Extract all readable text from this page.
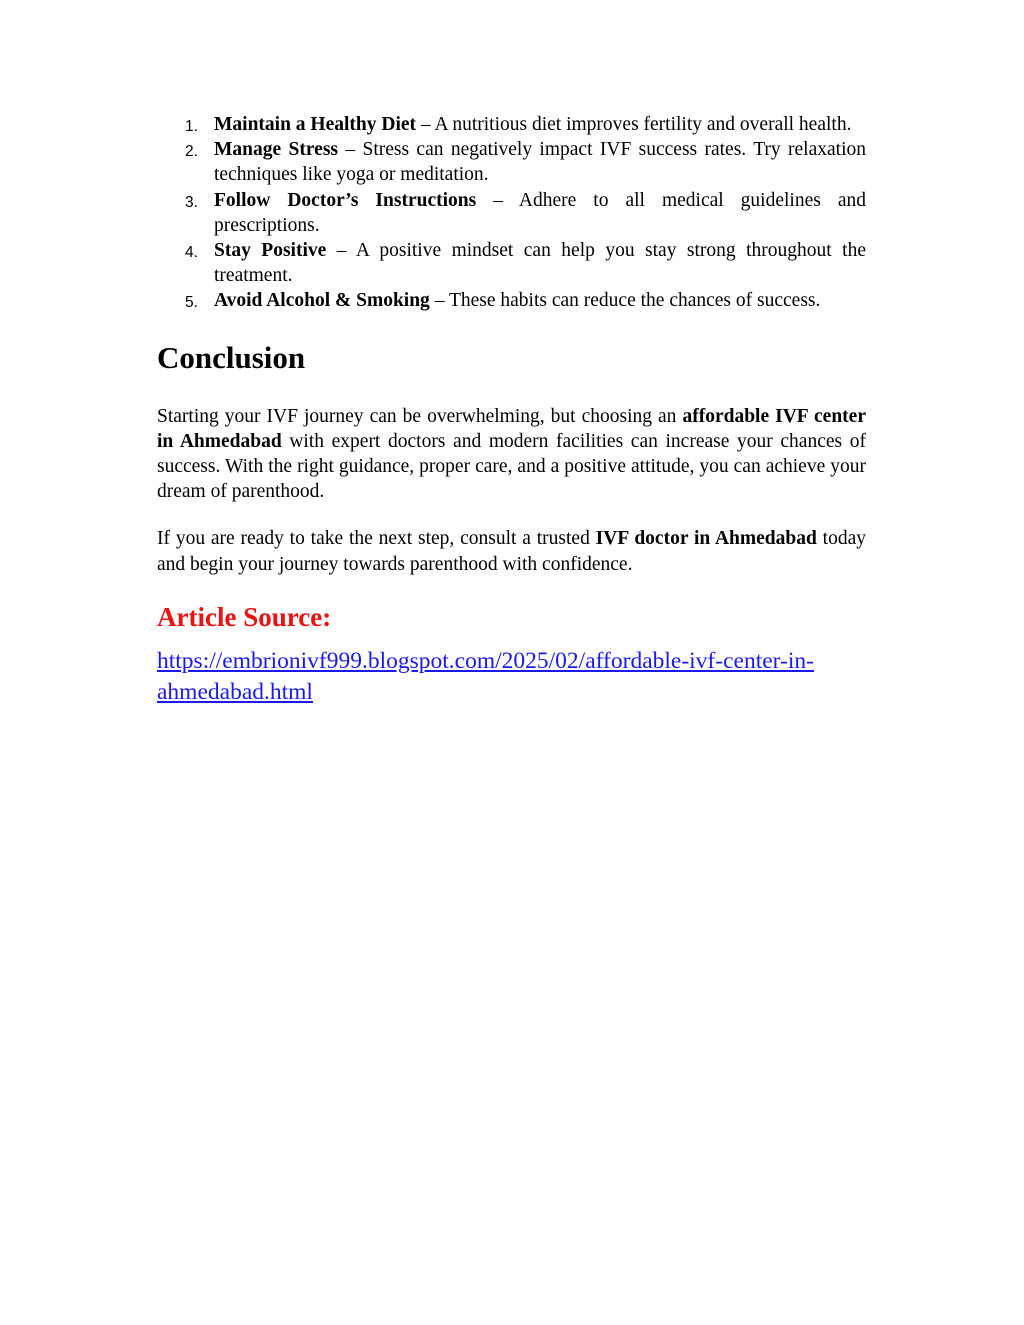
1. Maintain a Healthy Diet – A nutritious diet improves fertility and overall health.
2. Manage Stress – Stress can negatively impact IVF success rates. Try relaxation techniques like yoga or meditation.
3. Follow Doctor’s Instructions – Adhere to all medical guidelines and prescriptions.
4. Stay Positive – A positive mindset can help you stay strong throughout the treatment.
5. Avoid Alcohol & Smoking – These habits can reduce the chances of success.
Conclusion

Starting your IVF journey can be overwhelming, but choosing an affordable IVF center in Ahmedabad with expert doctors and modern facilities can increase your chances of success. With the right guidance, proper care, and a positive attitude, you can achieve your dream of parenthood.

If you are ready to take the next step, consult a trusted IVF doctor in Ahmedabad today and begin your journey towards parenthood with confidence.

Article Source:
https://embrionivf999.blogspot.com/2025/02/affordable-ivf-center-in-
ahmedabad.html
